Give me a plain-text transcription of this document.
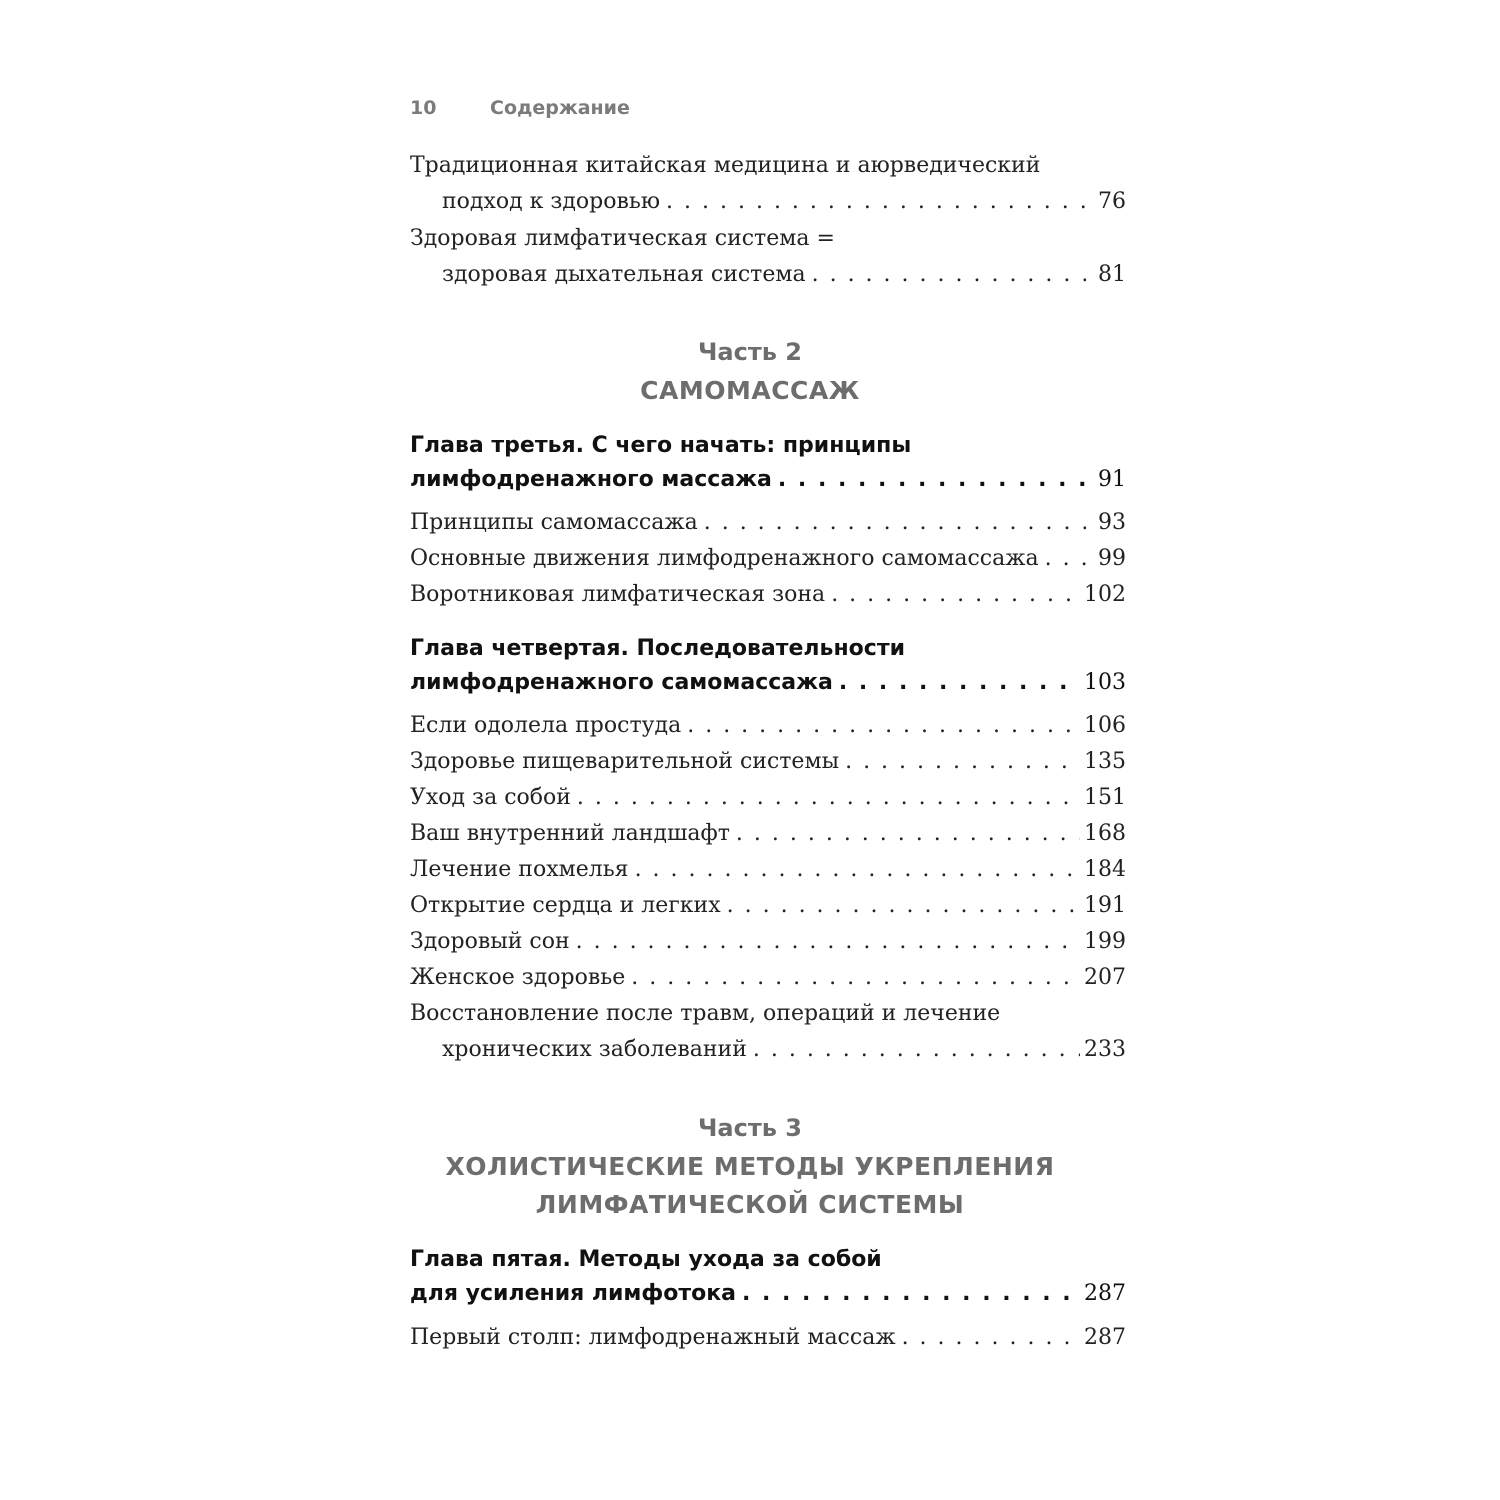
10	Содержание
Традиционная китайская медицина и аюрведический
подход к здоровью . . .	76
Здоровая лимфатическая система =
здоровая дыхательная система . . .	81
Часть 2
САМОМАССАЖ
Глава третья. С чего начать: принципы
лимфодренажного массажа . . .	91
Принципы самомассажа . . .	93
Основные движения лимфодренажного самомассажа . . .	99
Воротниковая лимфатическая зона . . .	102
Глава четвертая. Последовательности
лимфодренажного самомассажа . . .	103
Если одолела простуда . . .	106
Здоровье пищеварительной системы . . .	135
Уход за собой . . .	151
Ваш внутренний ландшафт . . .	168
Лечение похмелья . . .	184
Открытие сердца и легких . . .	191
Здоровый сон . . .	199
Женское здоровье . . .	207
Восстановление после травм, операций и лечение
хронических заболеваний . . .	233
Часть 3
ХОЛИСТИЧЕСКИЕ МЕТОДЫ УКРЕПЛЕНИЯ
ЛИМФАТИЧЕСКОЙ СИСТЕМЫ
Глава пятая. Методы ухода за собой
для усиления лимфотока . . .	287
Первый столп: лимфодренажный массаж . . .	287
